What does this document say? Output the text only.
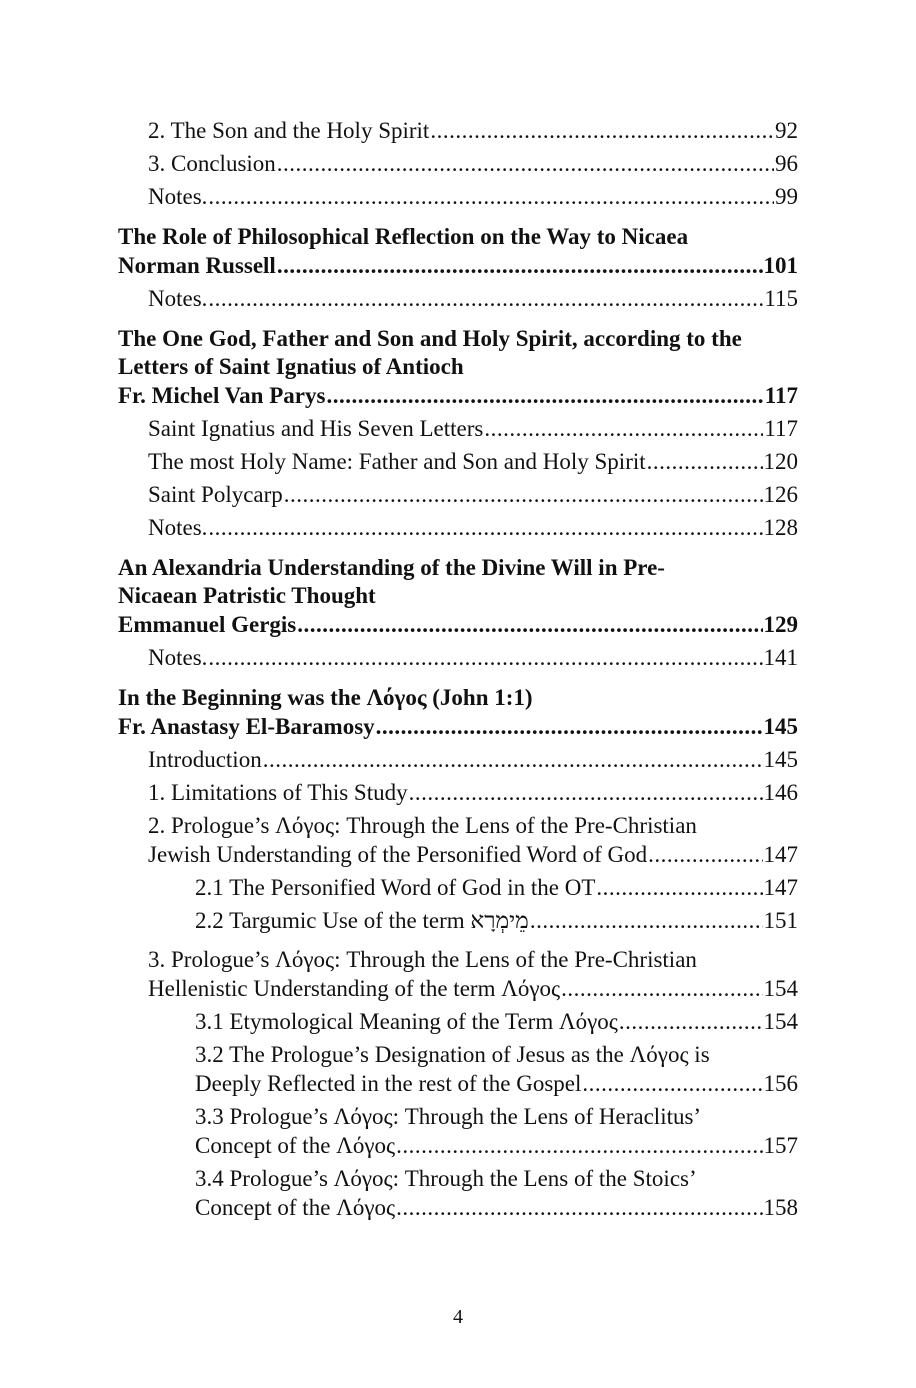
2. The Son and the Holy Spirit .....	92
3. Conclusion .....	96
Notes. .....	99
The Role of Philosophical Reflection on the Way to Nicaea
Norman Russell .....	101
Notes. .....	115
The One God, Father and Son and Holy Spirit, according to the
Letters of Saint Ignatius of Antioch
Fr. Michel Van Parys .....	117
Saint Ignatius and His Seven Letters .....	117
The most Holy Name: Father and Son and Holy Spirit .....	120
Saint Polycarp .....	126
Notes. .....	128
An Alexandria Understanding of the Divine Will in Pre-
Nicaean Patristic Thought
Emmanuel Gergis .....	129
Notes. .....	141
In the Beginning was the Λόγος (John 1:1)
Fr. Anastasy El-Baramosy .....	145
Introduction .....	145
1. Limitations of This Study .....	146
2. Prologue’s Λόγος: Through the Lens of the Pre-Christian
Jewish Understanding of the Personified Word of God .....	147
2.1 The Personified Word of God in the OT .....	147
2.2 Targumic Use of the term מֵימְרָא .....	151
3. Prologue’s Λόγος: Through the Lens of the Pre-Christian
Hellenistic Understanding of the term Λόγος .....	154
3.1 Etymological Meaning of the Term Λόγος .....	154
3.2 The Prologue’s Designation of Jesus as the Λόγος is
Deeply Reflected in the rest of the Gospel .....	156
3.3 Prologue’s Λόγος: Through the Lens of Heraclitus’
Concept of the Λόγος .....	157
3.4 Prologue’s Λόγος: Through the Lens of the Stoics’
Concept of the Λόγος .....	158
4
